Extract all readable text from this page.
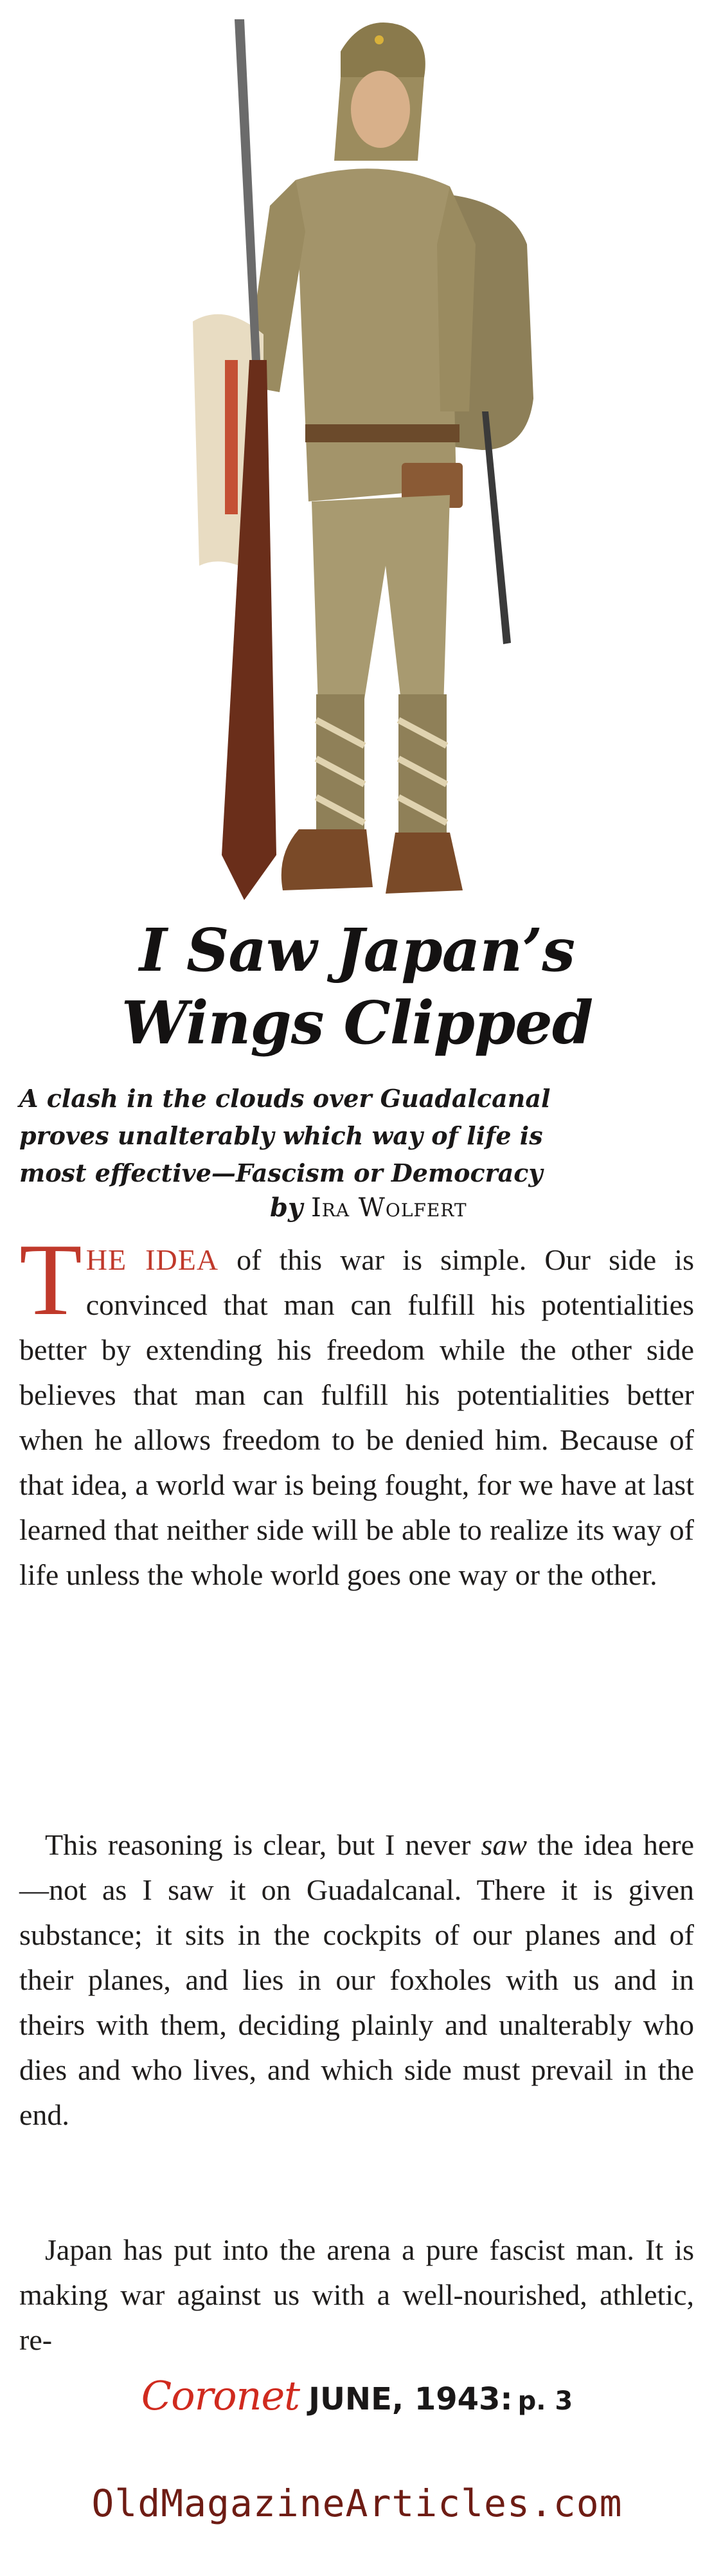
I Saw Japan’s
Wings Clipped
A clash in the clouds over Guadalcanal
proves unalterably which way of life is
most effective—Fascism or Democracy
by Ira Wolfert
THE IDEA of this war is simple. Our side is convinced that man can fulfill his potentialities better by extending his freedom while the other side believes that man can fulfill his potentialities better when he allows freedom to be denied him. Because of that idea, a world war is being fought, for we have at last learned that neither side will be able to realize its way of life unless the whole world goes one way or the other.
This reasoning is clear, but I never saw the idea here—not as I saw it on Guadalcanal. There it is given substance; it sits in the cockpits of our planes and of their planes, and lies in our foxholes with us and in theirs with them, deciding plainly and unalterably who dies and who lives, and which side must prevail in the end.
Japan has put into the arena a pure fascist man. It is making war against us with a well-nourished, athletic, re-
Coronet JUNE, 1943: p. 3
OldMagazineArticles.com
